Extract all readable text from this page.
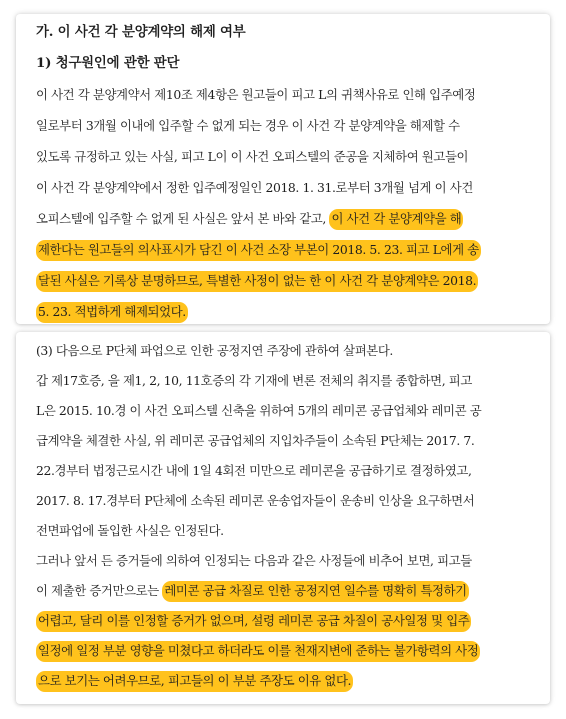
가. 이 사건 각 분양계약의 해제 여부
1) 청구원인에 관한 판단
이 사건 각 분양계약서 제10조 제4항은 원고들이 피고 L의 귀책사유로 인해 입주예정
일로부터 3개월 이내에 입주할 수 없게 되는 경우 이 사건 각 분양계약을 해제할 수
있도록 규정하고 있는 사실, 피고 L이 이 사건 오피스텔의 준공을 지체하여 원고들이
이 사건 각 분양계약에서 정한 입주예정일인 2018. 1. 31.로부터 3개월 넘게 이 사건
오피스텔에 입주할 수 없게 된 사실은 앞서 본 바와 같고, 이 사건 각 분양계약을 해
제한다는 원고들의 의사표시가 담긴 이 사건 소장 부본이 2018. 5. 23. 피고 L에게 송
달된 사실은 기록상 분명하므로, 특별한 사정이 없는 한 이 사건 각 분양계약은 2018.
5. 23. 적법하게 해제되었다.
(3) 다음으로 P단체 파업으로 인한 공정지연 주장에 관하여 살펴본다.
갑 제17호증, 을 제1, 2, 10, 11호증의 각 기재에 변론 전체의 취지를 종합하면, 피고
L은 2015. 10.경 이 사건 오피스텔 신축을 위하여 5개의 레미콘 공급업체와 레미콘 공
급계약을 체결한 사실, 위 레미콘 공급업체의 지입차주들이 소속된 P단체는 2017. 7.
22.경부터 법정근로시간 내에 1일 4회전 미만으로 레미콘을 공급하기로 결정하였고,
2017. 8. 17.경부터 P단체에 소속된 레미콘 운송업자들이 운송비 인상을 요구하면서
전면파업에 돌입한 사실은 인정된다.
그러나 앞서 든 증거들에 의하여 인정되는 다음과 같은 사정들에 비추어 보면, 피고들
이 제출한 증거만으로는 레미콘 공급 차질로 인한 공정지연 일수를 명확히 특정하기
어렵고, 달리 이를 인정할 증거가 없으며, 설령 레미콘 공급 차질이 공사일정 및 입주
일정에 일정 부분 영향을 미쳤다고 하더라도 이를 천재지변에 준하는 불가항력의 사정
으로 보기는 어려우므로, 피고들의 이 부분 주장도 이유 없다.
